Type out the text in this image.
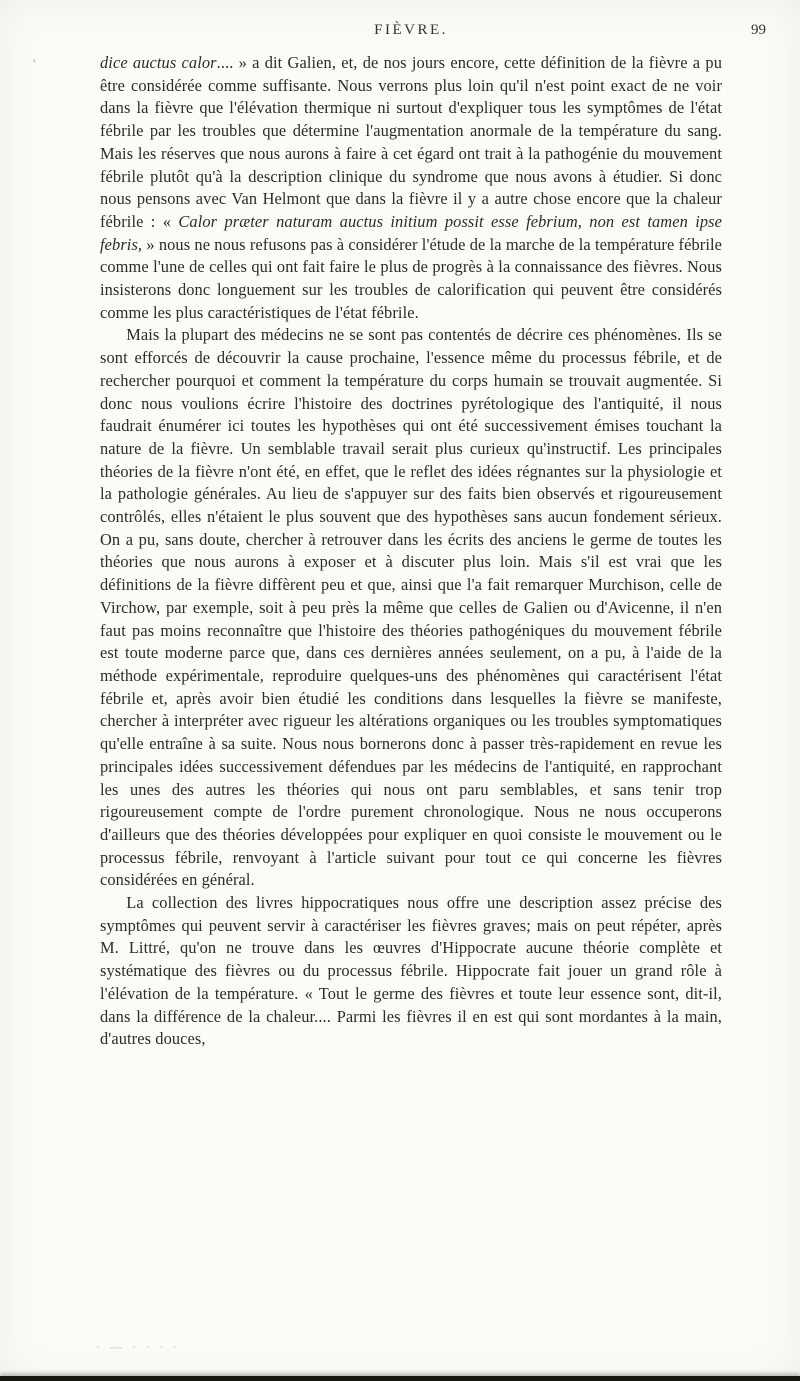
FIÈVRE.	99
'	dice auctus calor.... » a dit Galien, et, de nos jours encore, cette définition de la fièvre a pu être considérée comme suffisante. Nous verrons plus loin qu'il n'est point exact de ne voir dans la fièvre que l'élévation thermique ni surtout d'expliquer tous les symptômes de l'état fébrile par les troubles que détermine l'augmentation anormale de la température du sang. Mais les réserves que nous aurons à faire à cet égard ont trait à la pathogénie du mouvement fébrile plutôt qu'à la description clinique du syndrome que nous avons à étudier. Si donc nous pensons avec Van Helmont que dans la fièvre il y a autre chose encore que la chaleur fébrile : « Calor præter naturam auctus initium possit esse febrium, non est tamen ipse febris, » nous ne nous refusons pas à considérer l'étude de la marche de la température fébrile comme l'une de celles qui ont fait faire le plus de progrès à la connaissance des fièvres. Nous insisterons donc longuement sur les troubles de calorification qui peuvent être considérés comme les plus caractéristiques de l'état fébrile.

Mais la plupart des médecins ne se sont pas contentés de décrire ces phénomènes. Ils se sont efforcés de découvrir la cause prochaine, l'essence même du processus fébrile, et de rechercher pourquoi et comment la température du corps humain se trouvait augmentée. Si donc nous voulions écrire l'histoire des doctrines pyrétologique des l'antiquité, il nous faudrait énumérer ici toutes les hypothèses qui ont été successivement émises touchant la nature de la fièvre. Un semblable travail serait plus curieux qu'instructif. Les principales théories de la fièvre n'ont été, en effet, que le reflet des idées régnantes sur la physiologie et la pathologie générales. Au lieu de s'appuyer sur des faits bien observés et rigoureusement contrôlés, elles n'étaient le plus souvent que des hypothèses sans aucun fondement sérieux. On a pu, sans doute, chercher à retrouver dans les écrits des anciens le germe de toutes les théories que nous aurons à exposer et à discuter plus loin. Mais s'il est vrai que les définitions de la fièvre diffèrent peu et que, ainsi que l'a fait remarquer Murchison, celle de Virchow, par exemple, soit à peu près la même que celles de Galien ou d'Avicenne, il n'en faut pas moins reconnaître que l'histoire des théories pathogéniques du mouvement fébrile est toute moderne parce que, dans ces dernières années seulement, on a pu, à l'aide de la méthode expérimentale, reproduire quelques-uns des phénomènes qui caractérisent l'état fébrile et, après avoir bien étudié les conditions dans lesquelles la fièvre se manifeste, chercher à interpréter avec rigueur les altérations organiques ou les troubles symptomatiques qu'elle entraîne à sa suite. Nous nous bornerons donc à passer très-rapidement en revue les principales idées successivement défendues par les médecins de l'antiquité, en rapprochant les unes des autres les théories qui nous ont paru semblables, et sans tenir trop rigoureusement compte de l'ordre purement chronologique. Nous ne nous occuperons d'ailleurs que des théories développées pour expliquer en quoi consiste le mouvement ou le processus fébrile, renvoyant à l'article suivant pour tout ce qui concerne les fièvres considérées en général.

La collection des livres hippocratiques nous offre une description assez précise des symptômes qui peuvent servir à caractériser les fièvres graves; mais on peut répéter, après M. Littré, qu'on ne trouve dans les œuvres d'Hippocrate aucune théorie complète et systématique des fièvres ou du processus fébrile. Hippocrate fait jouer un grand rôle à l'élévation de la température. « Tout le germe des fièvres et toute leur essence sont, dit-il, dans la différence de la chaleur.... Parmi les fièvres il en est qui sont mordantes à la main, d'autres douces,

· — · · · ·
